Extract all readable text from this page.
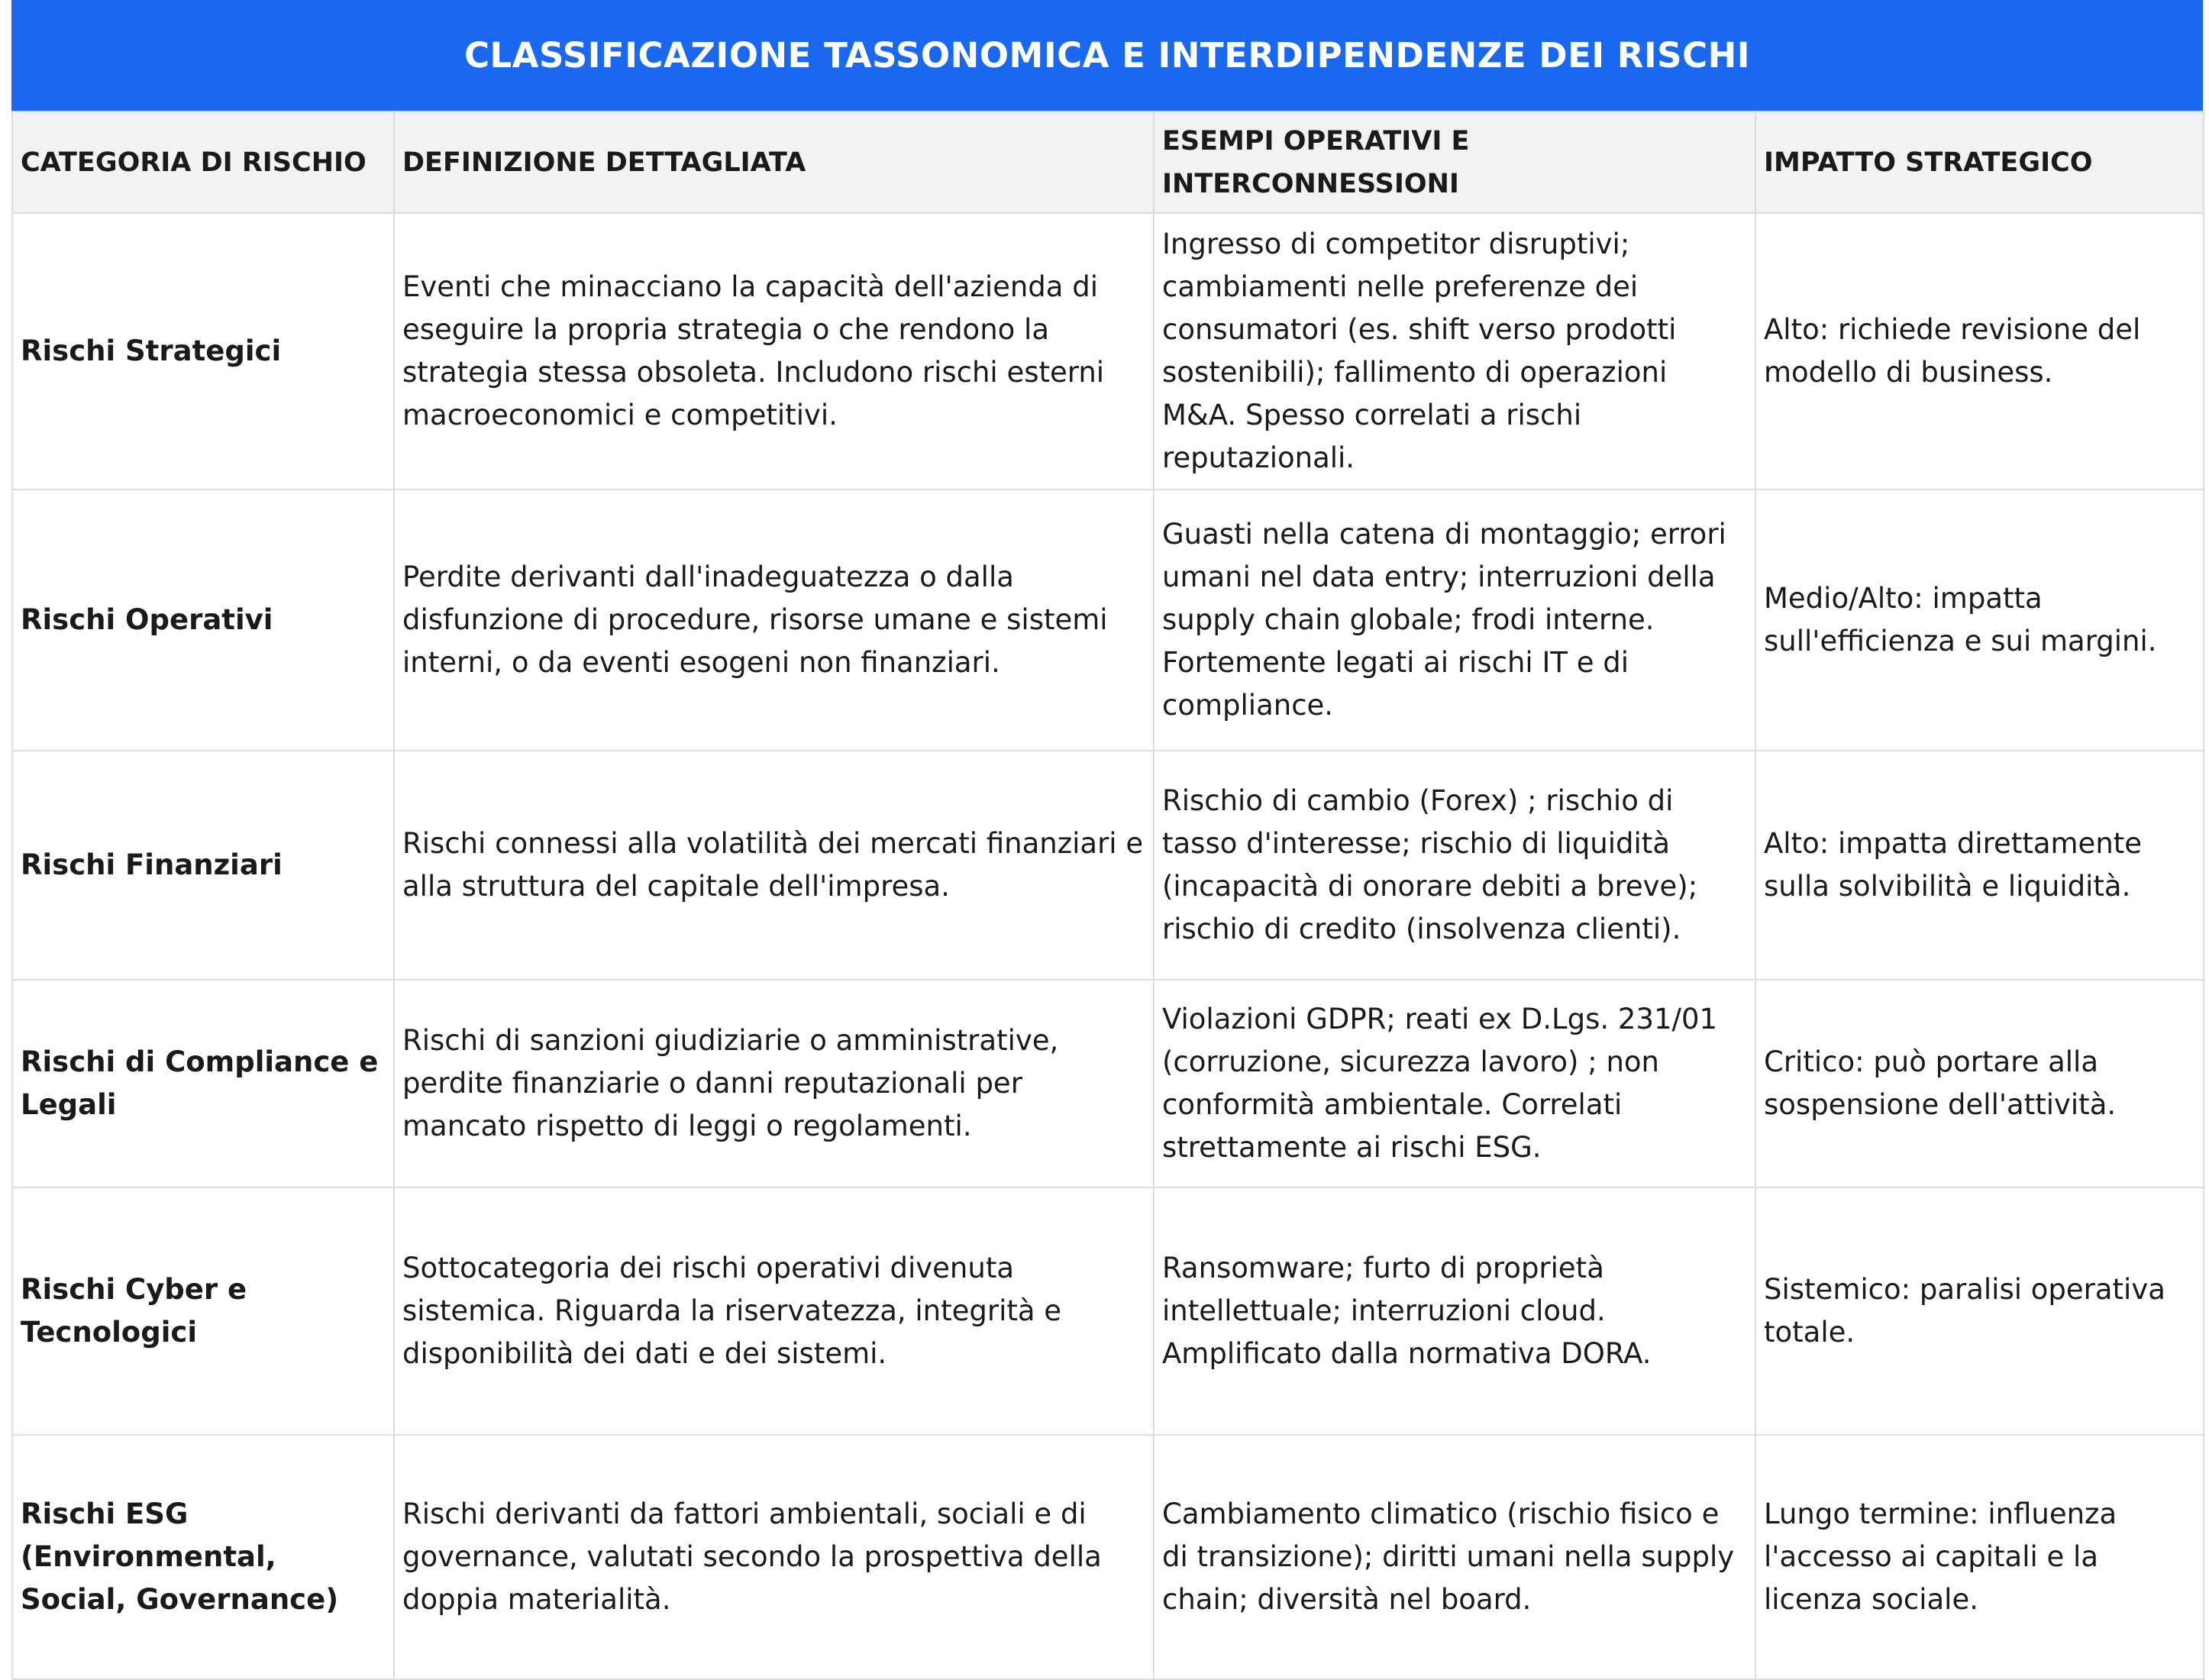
CLASSIFICAZIONE TASSONOMICA E INTERDIPENDENZE DEI RISCHI
CATEGORIA DI RISCHIO	DEFINIZIONE DETTAGLIATA	ESEMPI OPERATIVI E INTERCONNESSIONI	IMPATTO STRATEGICO
Rischi Strategici	Eventi che minacciano la capacità dell'azienda di eseguire la propria strategia o che rendono la strategia stessa obsoleta. Includono rischi esterni macroeconomici e competitivi.	Ingresso di competitor disruptivi; cambiamenti nelle preferenze dei consumatori (es. shift verso prodotti sostenibili); fallimento di operazioni M&A. Spesso correlati a rischi reputazionali.	Alto: richiede revisione del modello di business.
Rischi Operativi	Perdite derivanti dall'inadeguatezza o dalla disfunzione di procedure, risorse umane e sistemi interni, o da eventi esogeni non finanziari.	Guasti nella catena di montaggio; errori umani nel data entry; interruzioni della supply chain globale; frodi interne. Fortemente legati ai rischi IT e di compliance.	Medio/Alto: impatta sull'efficienza e sui margini.
Rischi Finanziari	Rischi connessi alla volatilità dei mercati finanziari e alla struttura del capitale dell'impresa.	Rischio di cambio (Forex) ; rischio di tasso d'interesse; rischio di liquidità (incapacità di onorare debiti a breve); rischio di credito (insolvenza clienti).	Alto: impatta direttamente sulla solvibilità e liquidità.
Rischi di Compliance e Legali	Rischi di sanzioni giudiziarie o amministrative, perdite finanziarie o danni reputazionali per mancato rispetto di leggi o regolamenti.	Violazioni GDPR; reati ex D.Lgs. 231/01 (corruzione, sicurezza lavoro) ; non conformità ambientale. Correlati strettamente ai rischi ESG.	Critico: può portare alla sospensione dell'attività.
Rischi Cyber e Tecnologici	Sottocategoria dei rischi operativi divenuta sistemica. Riguarda la riservatezza, integrità e disponibilità dei dati e dei sistemi.	Ransomware; furto di proprietà intellettuale; interruzioni cloud. Amplificato dalla normativa DORA.	Sistemico: paralisi operativa totale.
Rischi ESG (Environmental, Social, Governance)	Rischi derivanti da fattori ambientali, sociali e di governance, valutati secondo la prospettiva della doppia materialità.	Cambiamento climatico (rischio fisico e di transizione); diritti umani nella supply chain; diversità nel board.	Lungo termine: influenza l'accesso ai capitali e la licenza sociale.
